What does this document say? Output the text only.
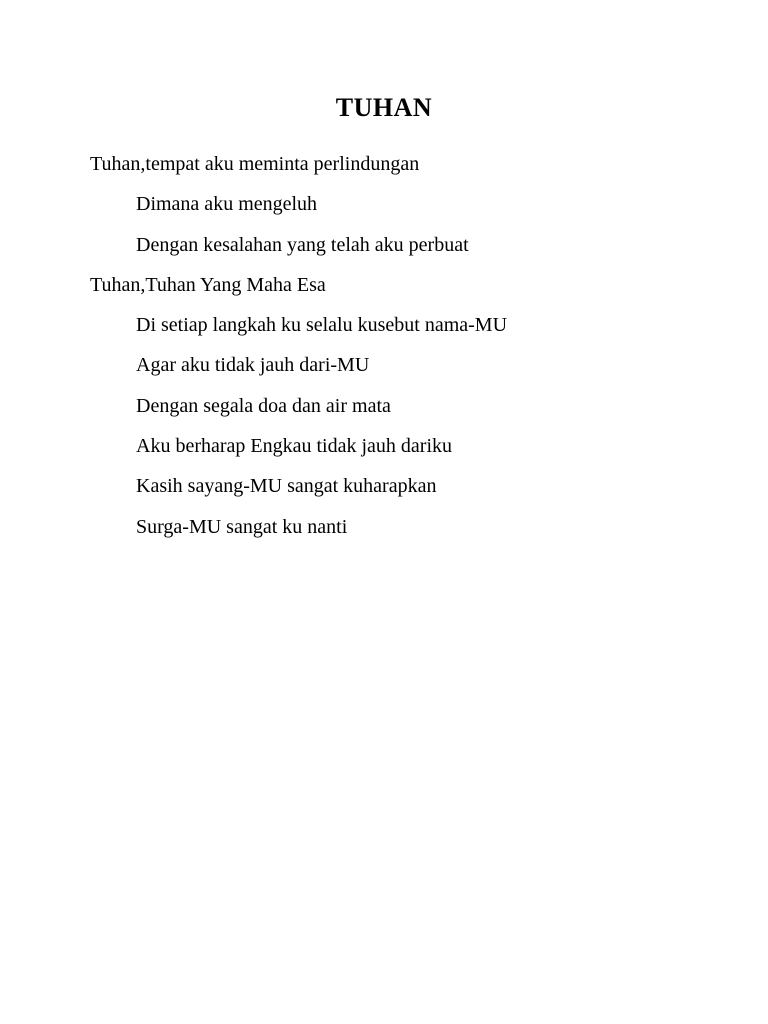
TUHAN

Tuhan,tempat aku meminta perlindungan

Dimana aku mengeluh

Dengan kesalahan yang telah aku perbuat

Tuhan,Tuhan Yang Maha Esa

Di setiap langkah ku selalu kusebut nama-MU

Agar aku tidak jauh dari-MU

Dengan segala doa dan air mata

Aku berharap Engkau tidak jauh dariku

Kasih sayang-MU sangat kuharapkan

Surga-MU sangat ku nanti
